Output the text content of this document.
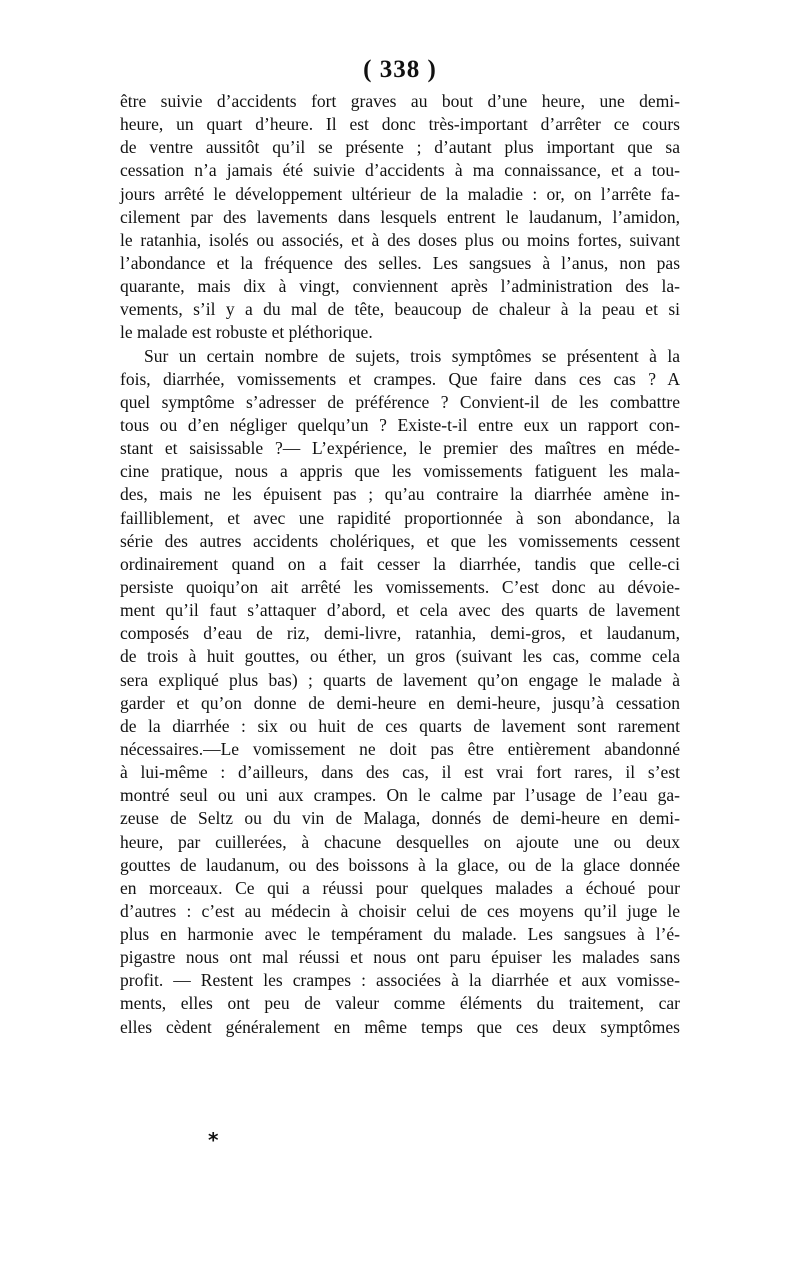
( 338 )
être suivie d’accidents fort graves au bout d’une heure, une demi-
heure, un quart d’heure. Il est donc très-important d’arrêter ce cours
de ventre aussitôt qu’il se présente ; d’autant plus important que sa
cessation n’a jamais été suivie d’accidents à ma connaissance, et a tou-
jours arrêté le développement ultérieur de la maladie : or, on l’arrête fa-
cilement par des lavements dans lesquels entrent le laudanum, l’amidon,
le ratanhia, isolés ou associés, et à des doses plus ou moins fortes, suivant
l’abondance et la fréquence des selles. Les sangsues à l’anus, non pas
quarante, mais dix à vingt, conviennent après l’administration des la-
vements, s’il y a du mal de tête, beaucoup de chaleur à la peau et si
le malade est robuste et pléthorique.
Sur un certain nombre de sujets, trois symptômes se présentent à la
fois, diarrhée, vomissements et crampes. Que faire dans ces cas ? A
quel symptôme s’adresser de préférence ? Convient-il de les combattre
tous ou d’en négliger quelqu’un ? Existe-t-il entre eux un rapport con-
stant et saisissable ?— L’expérience, le premier des maîtres en méde-
cine pratique, nous a appris que les vomissements fatiguent les mala-
des, mais ne les épuisent pas ; qu’au contraire la diarrhée amène in-
failliblement, et avec une rapidité proportionnée à son abondance, la
série des autres accidents cholériques, et que les vomissements cessent
ordinairement quand on a fait cesser la diarrhée, tandis que celle-ci
persiste quoiqu’on ait arrêté les vomissements. C’est donc au dévoie-
ment qu’il faut s’attaquer d’abord, et cela avec des quarts de lavement
composés d’eau de riz, demi-livre, ratanhia, demi-gros, et laudanum,
de trois à huit gouttes, ou éther, un gros (suivant les cas, comme cela
sera expliqué plus bas) ; quarts de lavement qu’on engage le malade à
garder et qu’on donne de demi-heure en demi-heure, jusqu’à cessation
de la diarrhée : six ou huit de ces quarts de lavement sont rarement
nécessaires.—Le vomissement ne doit pas être entièrement abandonné
à lui-même : d’ailleurs, dans des cas, il est vrai fort rares, il s’est
montré seul ou uni aux crampes. On le calme par l’usage de l’eau ga-
zeuse de Seltz ou du vin de Malaga, donnés de demi-heure en demi-
heure, par cuillerées, à chacune desquelles on ajoute une ou deux
gouttes de laudanum, ou des boissons à la glace, ou de la glace donnée
en morceaux. Ce qui a réussi pour quelques malades a échoué pour
d’autres : c’est au médecin à choisir celui de ces moyens qu’il juge le
plus en harmonie avec le tempérament du malade. Les sangsues à l’é-
pigastre nous ont mal réussi et nous ont paru épuiser les malades sans
profit. — Restent les crampes : associées à la diarrhée et aux vomisse-
ments, elles ont peu de valeur comme éléments du traitement, car
elles cèdent généralement en même temps que ces deux symptômes
*
